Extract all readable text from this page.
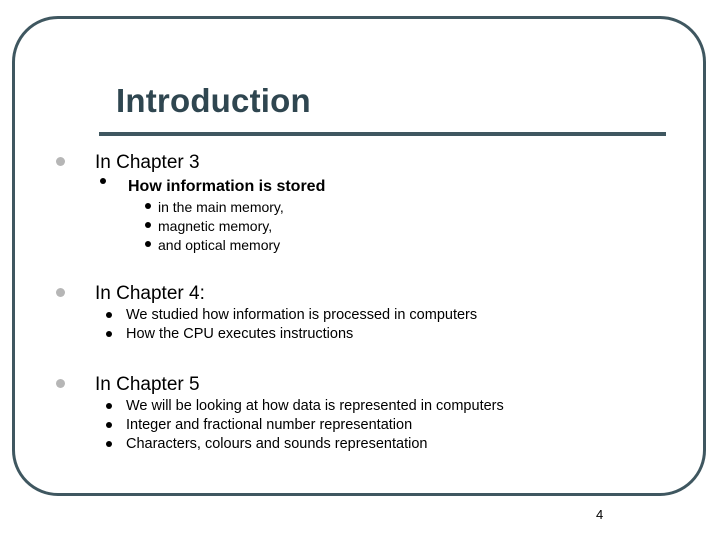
Introduction
In Chapter 3
How information is stored
in the main memory,
magnetic memory,
and optical memory
In Chapter 4:
We studied how information is processed in computers
How the CPU executes instructions
In Chapter 5
We will be looking at how data is represented in computers
Integer and fractional number representation
Characters, colours and sounds representation
4
